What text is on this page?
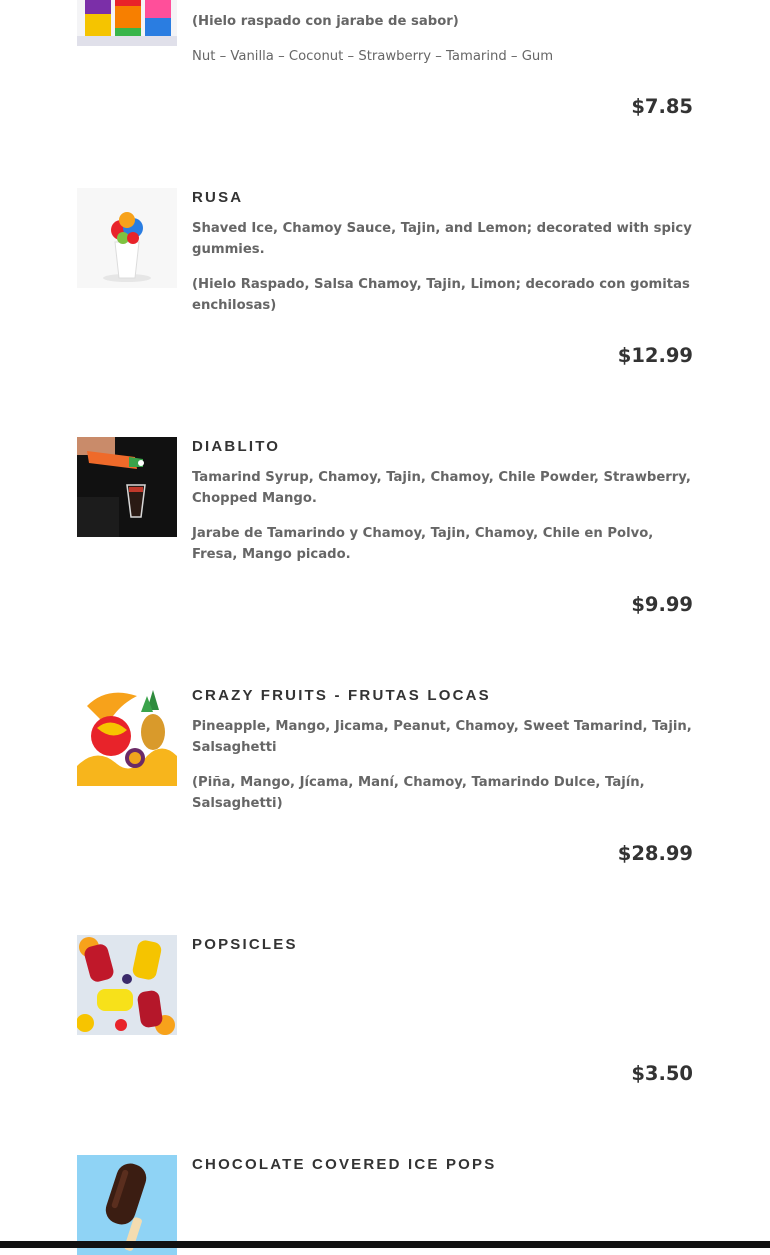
(Hielo raspado con jarabe de sabor)

Nut – Vanilla – Coconut – Strawberry – Tamarind – Gum

$7.85
RUSA

Shaved Ice, Chamoy Sauce, Tajin, and Lemon; decorated with spicy gummies.

(Hielo Raspado, Salsa Chamoy, Tajin, Limon; decorado con gomitas enchilosas)

$12.99
DIABLITO

Tamarind Syrup, Chamoy, Tajin, Chamoy, Chile Powder, Strawberry, Chopped Mango.

Jarabe de Tamarindo y Chamoy, Tajin, Chamoy, Chile en Polvo, Fresa, Mango picado.

$9.99
CRAZY FRUITS - FRUTAS LOCAS

Pineapple, Mango, Jicama, Peanut, Chamoy, Sweet Tamarind, Tajin, Salsaghetti

(Piña, Mango, Jícama, Maní, Chamoy, Tamarindo Dulce, Tajín, Salsaghetti)

$28.99
POPSICLES
$3.50
CHOCOLATE COVERED ICE POPS
